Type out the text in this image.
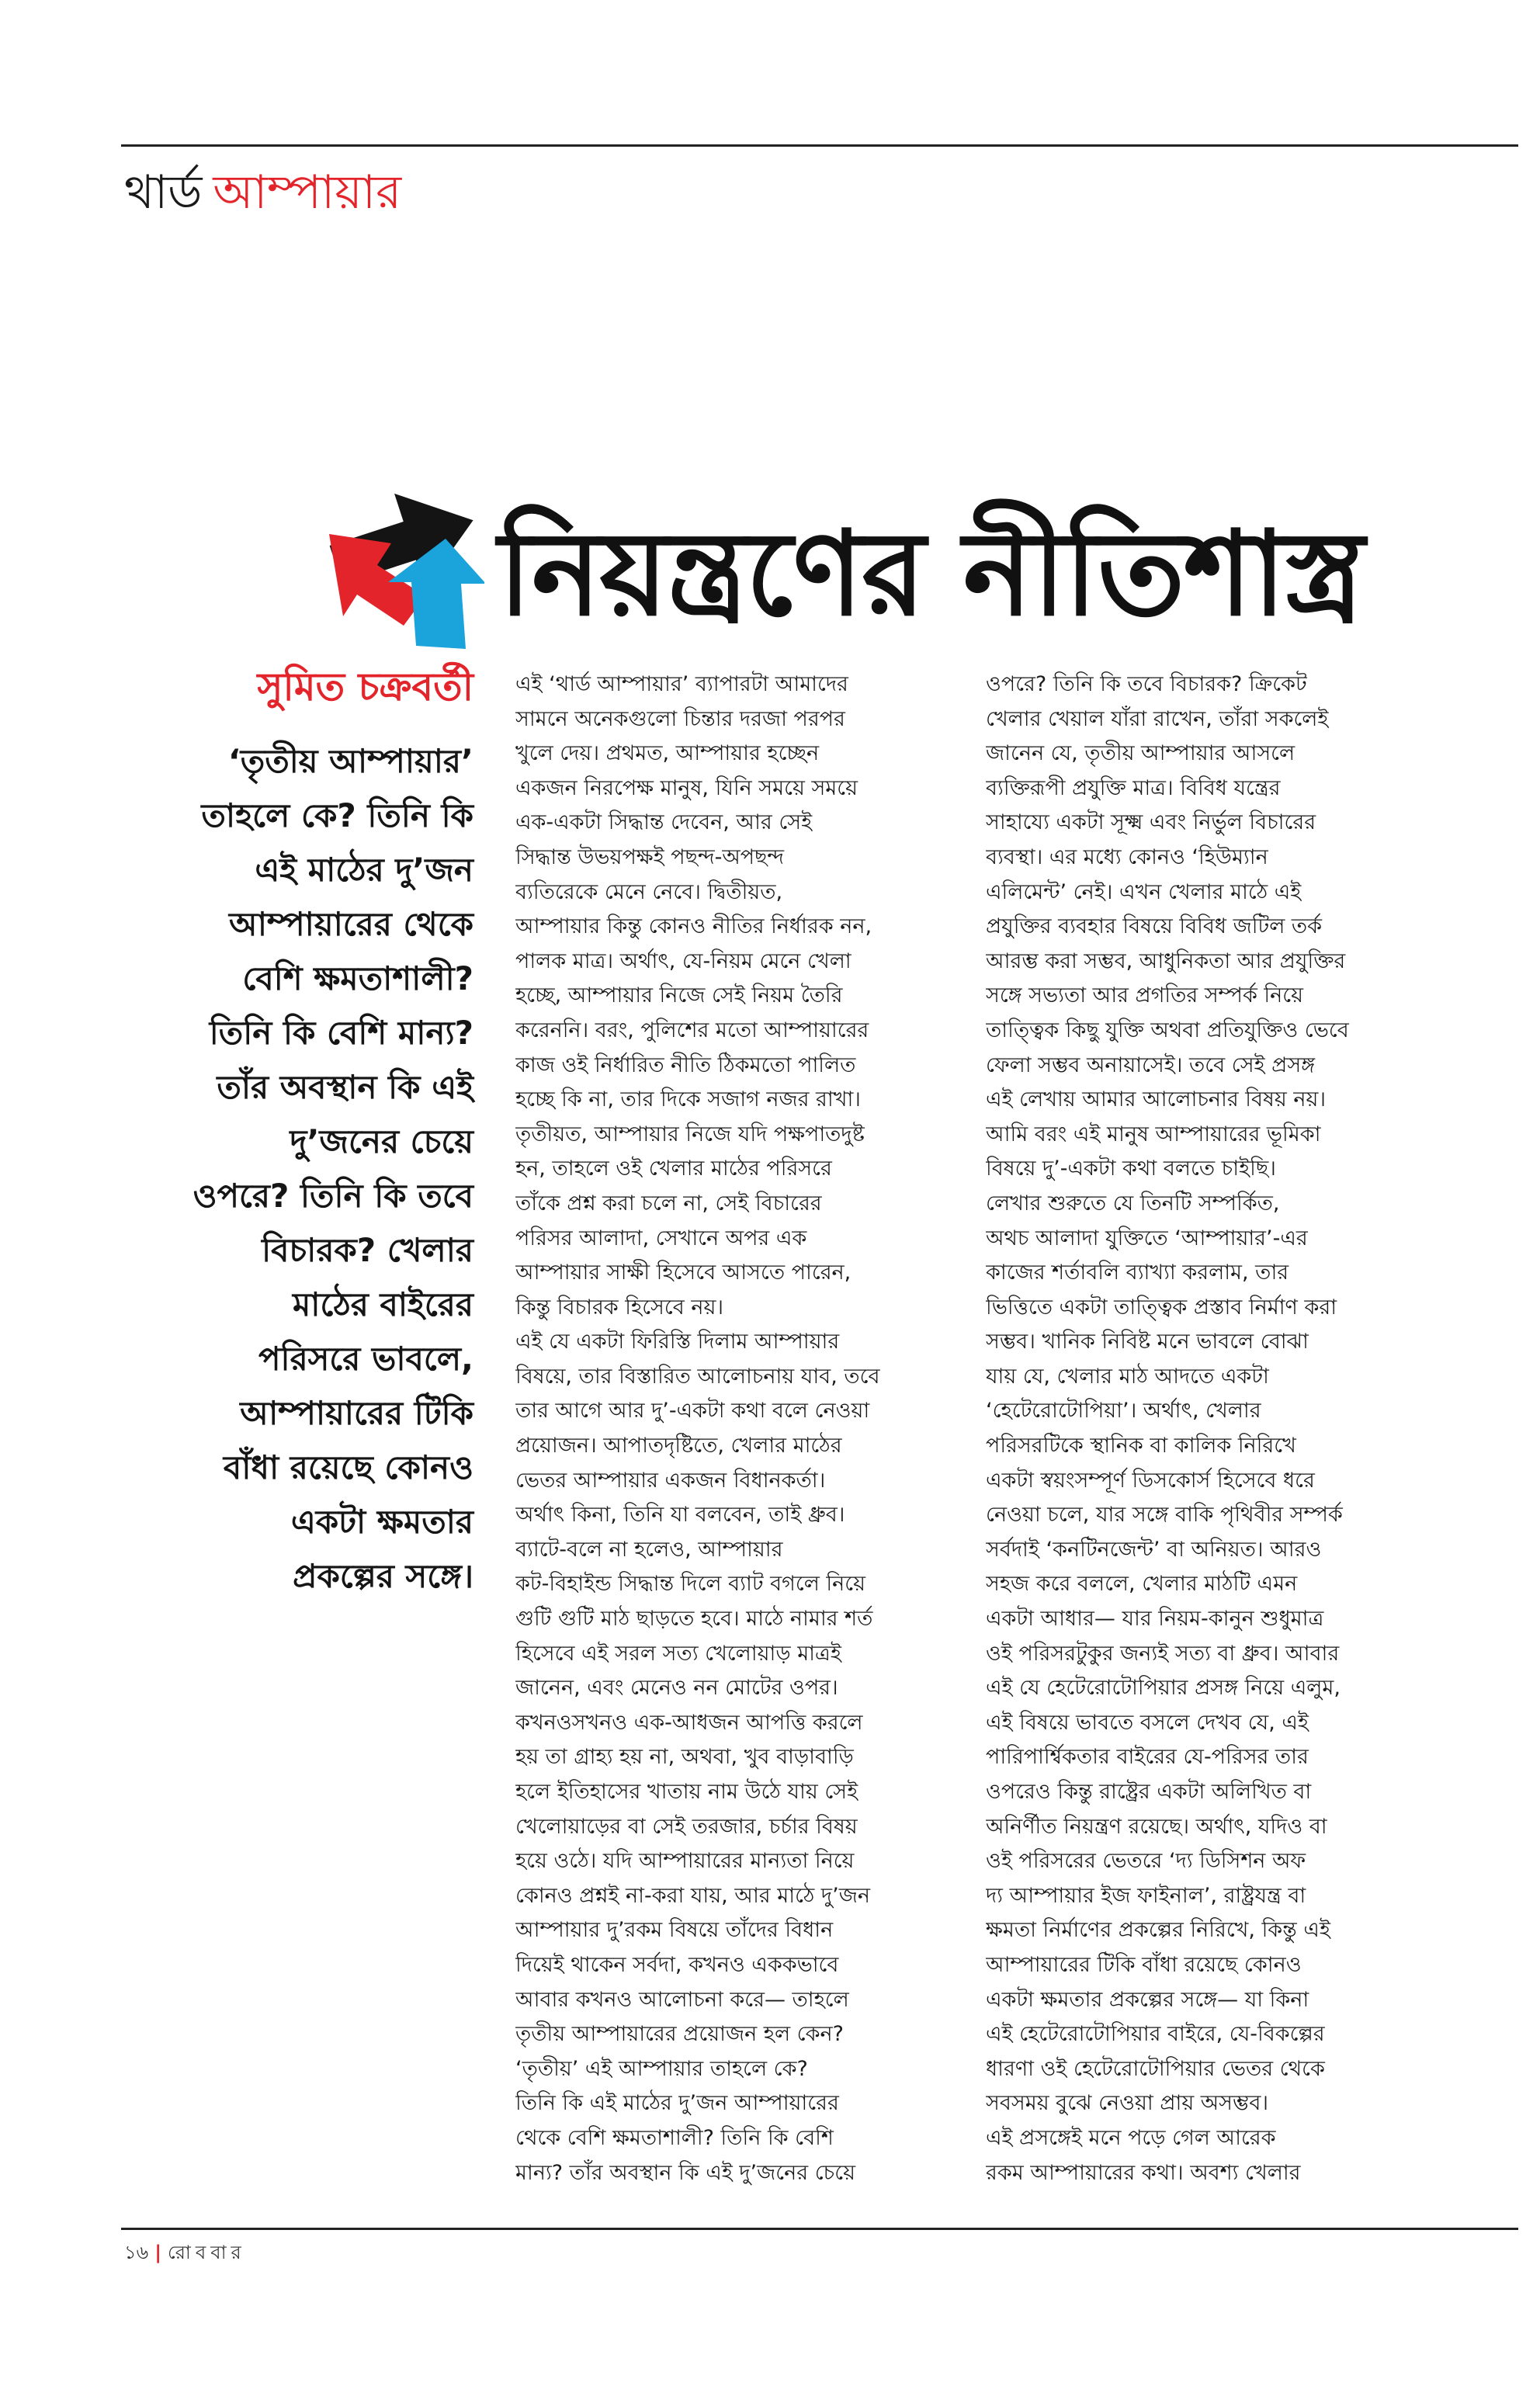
থার্ড আম্পায়ার
নিয়ন্ত্রণের নীতিশাস্ত্র
সুমিত চক্রবর্তী
‘তৃতীয় আম্পায়ার’
তাহলে কে? তিনি কি
এই মাঠের দু’জন
আম্পায়ারের থেকে
বেশি ক্ষমতাশালী?
তিনি কি বেশি মান্য?
তাঁর অবস্থান কি এই
দু’জনের চেয়ে
ওপরে? তিনি কি তবে
বিচারক? খেলার
মাঠের বাইরের
পরিসরে ভাবলে,
আম্পায়ারের টিকি
বাঁধা রয়েছে কোনও
একটা ক্ষমতার
প্রকল্পের সঙ্গে।
এই ‘থার্ড আম্পায়ার’ ব্যাপারটা আমাদের
সামনে অনেকগুলো চিন্তার দরজা পরপর
খুলে দেয়। প্রথমত, আম্পায়ার হচ্ছেন
একজন নিরপেক্ষ মানুষ, যিনি সময়ে সময়ে
এক-একটা সিদ্ধান্ত দেবেন, আর সেই
সিদ্ধান্ত উভয়পক্ষই পছন্দ-অপছন্দ
ব্যতিরেকে মেনে নেবে। দ্বিতীয়ত,
আম্পায়ার কিন্তু কোনও নীতির নির্ধারক নন,
পালক মাত্র। অর্থাৎ, যে-নিয়ম মেনে খেলা
হচ্ছে, আম্পায়ার নিজে সেই নিয়ম তৈরি
করেননি। বরং, পুলিশের মতো আম্পায়ারের
কাজ ওই নির্ধারিত নীতি ঠিকমতো পালিত
হচ্ছে কি না, তার দিকে সজাগ নজর রাখা।
তৃতীয়ত, আম্পায়ার নিজে যদি পক্ষপাতদুষ্ট
হন, তাহলে ওই খেলার মাঠের পরিসরে
তাঁকে প্রশ্ন করা চলে না, সেই বিচারের
পরিসর আলাদা, সেখানে অপর এক
আম্পায়ার সাক্ষী হিসেবে আসতে পারেন,
কিন্তু বিচারক হিসেবে নয়।
এই যে একটা ফিরিস্তি দিলাম আম্পায়ার
বিষয়ে, তার বিস্তারিত আলোচনায় যাব, তবে
তার আগে আর দু’-একটা কথা বলে নেওয়া
প্রয়োজন। আপাতদৃষ্টিতে, খেলার মাঠের
ভেতর আম্পায়ার একজন বিধানকর্তা।
অর্থাৎ কিনা, তিনি যা বলবেন, তাই ধ্রুব।
ব্যাটে-বলে না হলেও, আম্পায়ার
কট-বিহাইন্ড সিদ্ধান্ত দিলে ব্যাট বগলে নিয়ে
গুটি গুটি মাঠ ছাড়তে হবে। মাঠে নামার শর্ত
হিসেবে এই সরল সত্য খেলোয়াড় মাত্রই
জানেন, এবং মেনেও নন মোটের ওপর।
কখনওসখনও এক-আধজন আপত্তি করলে
হয় তা গ্রাহ্য হয় না, অথবা, খুব বাড়াবাড়ি
হলে ইতিহাসের খাতায় নাম উঠে যায় সেই
খেলোয়াড়ের বা সেই তরজার, চর্চার বিষয়
হয়ে ওঠে। যদি আম্পায়ারের মান্যতা নিয়ে
কোনও প্রশ্নই না-করা যায়, আর মাঠে দু’জন
আম্পায়ার দু’রকম বিষয়ে তাঁদের বিধান
দিয়েই থাকেন সর্বদা, কখনও এককভাবে
আবার কখনও আলোচনা করে— তাহলে
তৃতীয় আম্পায়ারের প্রয়োজন হল কেন?
‘তৃতীয়’ এই আম্পায়ার তাহলে কে?
তিনি কি এই মাঠের দু’জন আম্পায়ারের
থেকে বেশি ক্ষমতাশালী? তিনি কি বেশি
মান্য? তাঁর অবস্থান কি এই দু’জনের চেয়ে
ওপরে? তিনি কি তবে বিচারক? ক্রিকেট
খেলার খেয়াল যাঁরা রাখেন, তাঁরা সকলেই
জানেন যে, তৃতীয় আম্পায়ার আসলে
ব্যক্তিরূপী প্রযুক্তি মাত্র। বিবিধ যন্ত্রের
সাহায্যে একটা সূক্ষ্ম এবং নির্ভুল বিচারের
ব্যবস্থা। এর মধ্যে কোনও ‘হিউম্যান
এলিমেন্ট’ নেই। এখন খেলার মাঠে এই
প্রযুক্তির ব্যবহার বিষয়ে বিবিধ জটিল তর্ক
আরম্ভ করা সম্ভব, আধুনিকতা আর প্রযুক্তির
সঙ্গে সভ্যতা আর প্রগতির সম্পর্ক নিয়ে
তাত্ত্বিক কিছু যুক্তি অথবা প্রতিযুক্তিও ভেবে
ফেলা সম্ভব অনায়াসেই। তবে সেই প্রসঙ্গ
এই লেখায় আমার আলোচনার বিষয় নয়।
আমি বরং এই মানুষ আম্পায়ারের ভূমিকা
বিষয়ে দু’-একটা কথা বলতে চাইছি।
লেখার শুরুতে যে তিনটি সম্পর্কিত,
অথচ আলাদা যুক্তিতে ‘আম্পায়ার’-এর
কাজের শর্তাবলি ব্যাখ্যা করলাম, তার
ভিত্তিতে একটা তাত্ত্বিক প্রস্তাব নির্মাণ করা
সম্ভব। খানিক নিবিষ্ট মনে ভাবলে বোঝা
যায় যে, খেলার মাঠ আদতে একটা
‘হেটেরোটোপিয়া’। অর্থাৎ, খেলার
পরিসরটিকে স্থানিক বা কালিক নিরিখে
একটা স্বয়ংসম্পূর্ণ ডিসকোর্স হিসেবে ধরে
নেওয়া চলে, যার সঙ্গে বাকি পৃথিবীর সম্পর্ক
সর্বদাই ‘কনটিনজেন্ট’ বা অনিয়ত। আরও
সহজ করে বললে, খেলার মাঠটি এমন
একটা আধার— যার নিয়ম-কানুন শুধুমাত্র
ওই পরিসরটুকুর জন্যই সত্য বা ধ্রুব। আবার
এই যে হেটেরোটোপিয়ার প্রসঙ্গ নিয়ে এলুম,
এই বিষয়ে ভাবতে বসলে দেখব যে, এই
পারিপার্শ্বিকতার বাইরের যে-পরিসর তার
ওপরেও কিন্তু রাষ্ট্রের একটা অলিখিত বা
অনির্ণীত নিয়ন্ত্রণ রয়েছে। অর্থাৎ, যদিও বা
ওই পরিসরের ভেতরে ‘দ্য ডিসিশন অফ
দ্য আম্পায়ার ইজ ফাইনাল’, রাষ্ট্রযন্ত্র বা
ক্ষমতা নির্মাণের প্রকল্পের নিরিখে, কিন্তু এই
আম্পায়ারের টিকি বাঁধা রয়েছে কোনও
একটা ক্ষমতার প্রকল্পের সঙ্গে— যা কিনা
এই হেটেরোটোপিয়ার বাইরে, যে-বিকল্পের
ধারণা ওই হেটেরোটোপিয়ার ভেতর থেকে
সবসময় বুঝে নেওয়া প্রায় অসম্ভব।
এই প্রসঙ্গেই মনে পড়ে গেল আরেক
রকম আম্পায়ারের কথা। অবশ্য খেলার
১৬ | রোববার
